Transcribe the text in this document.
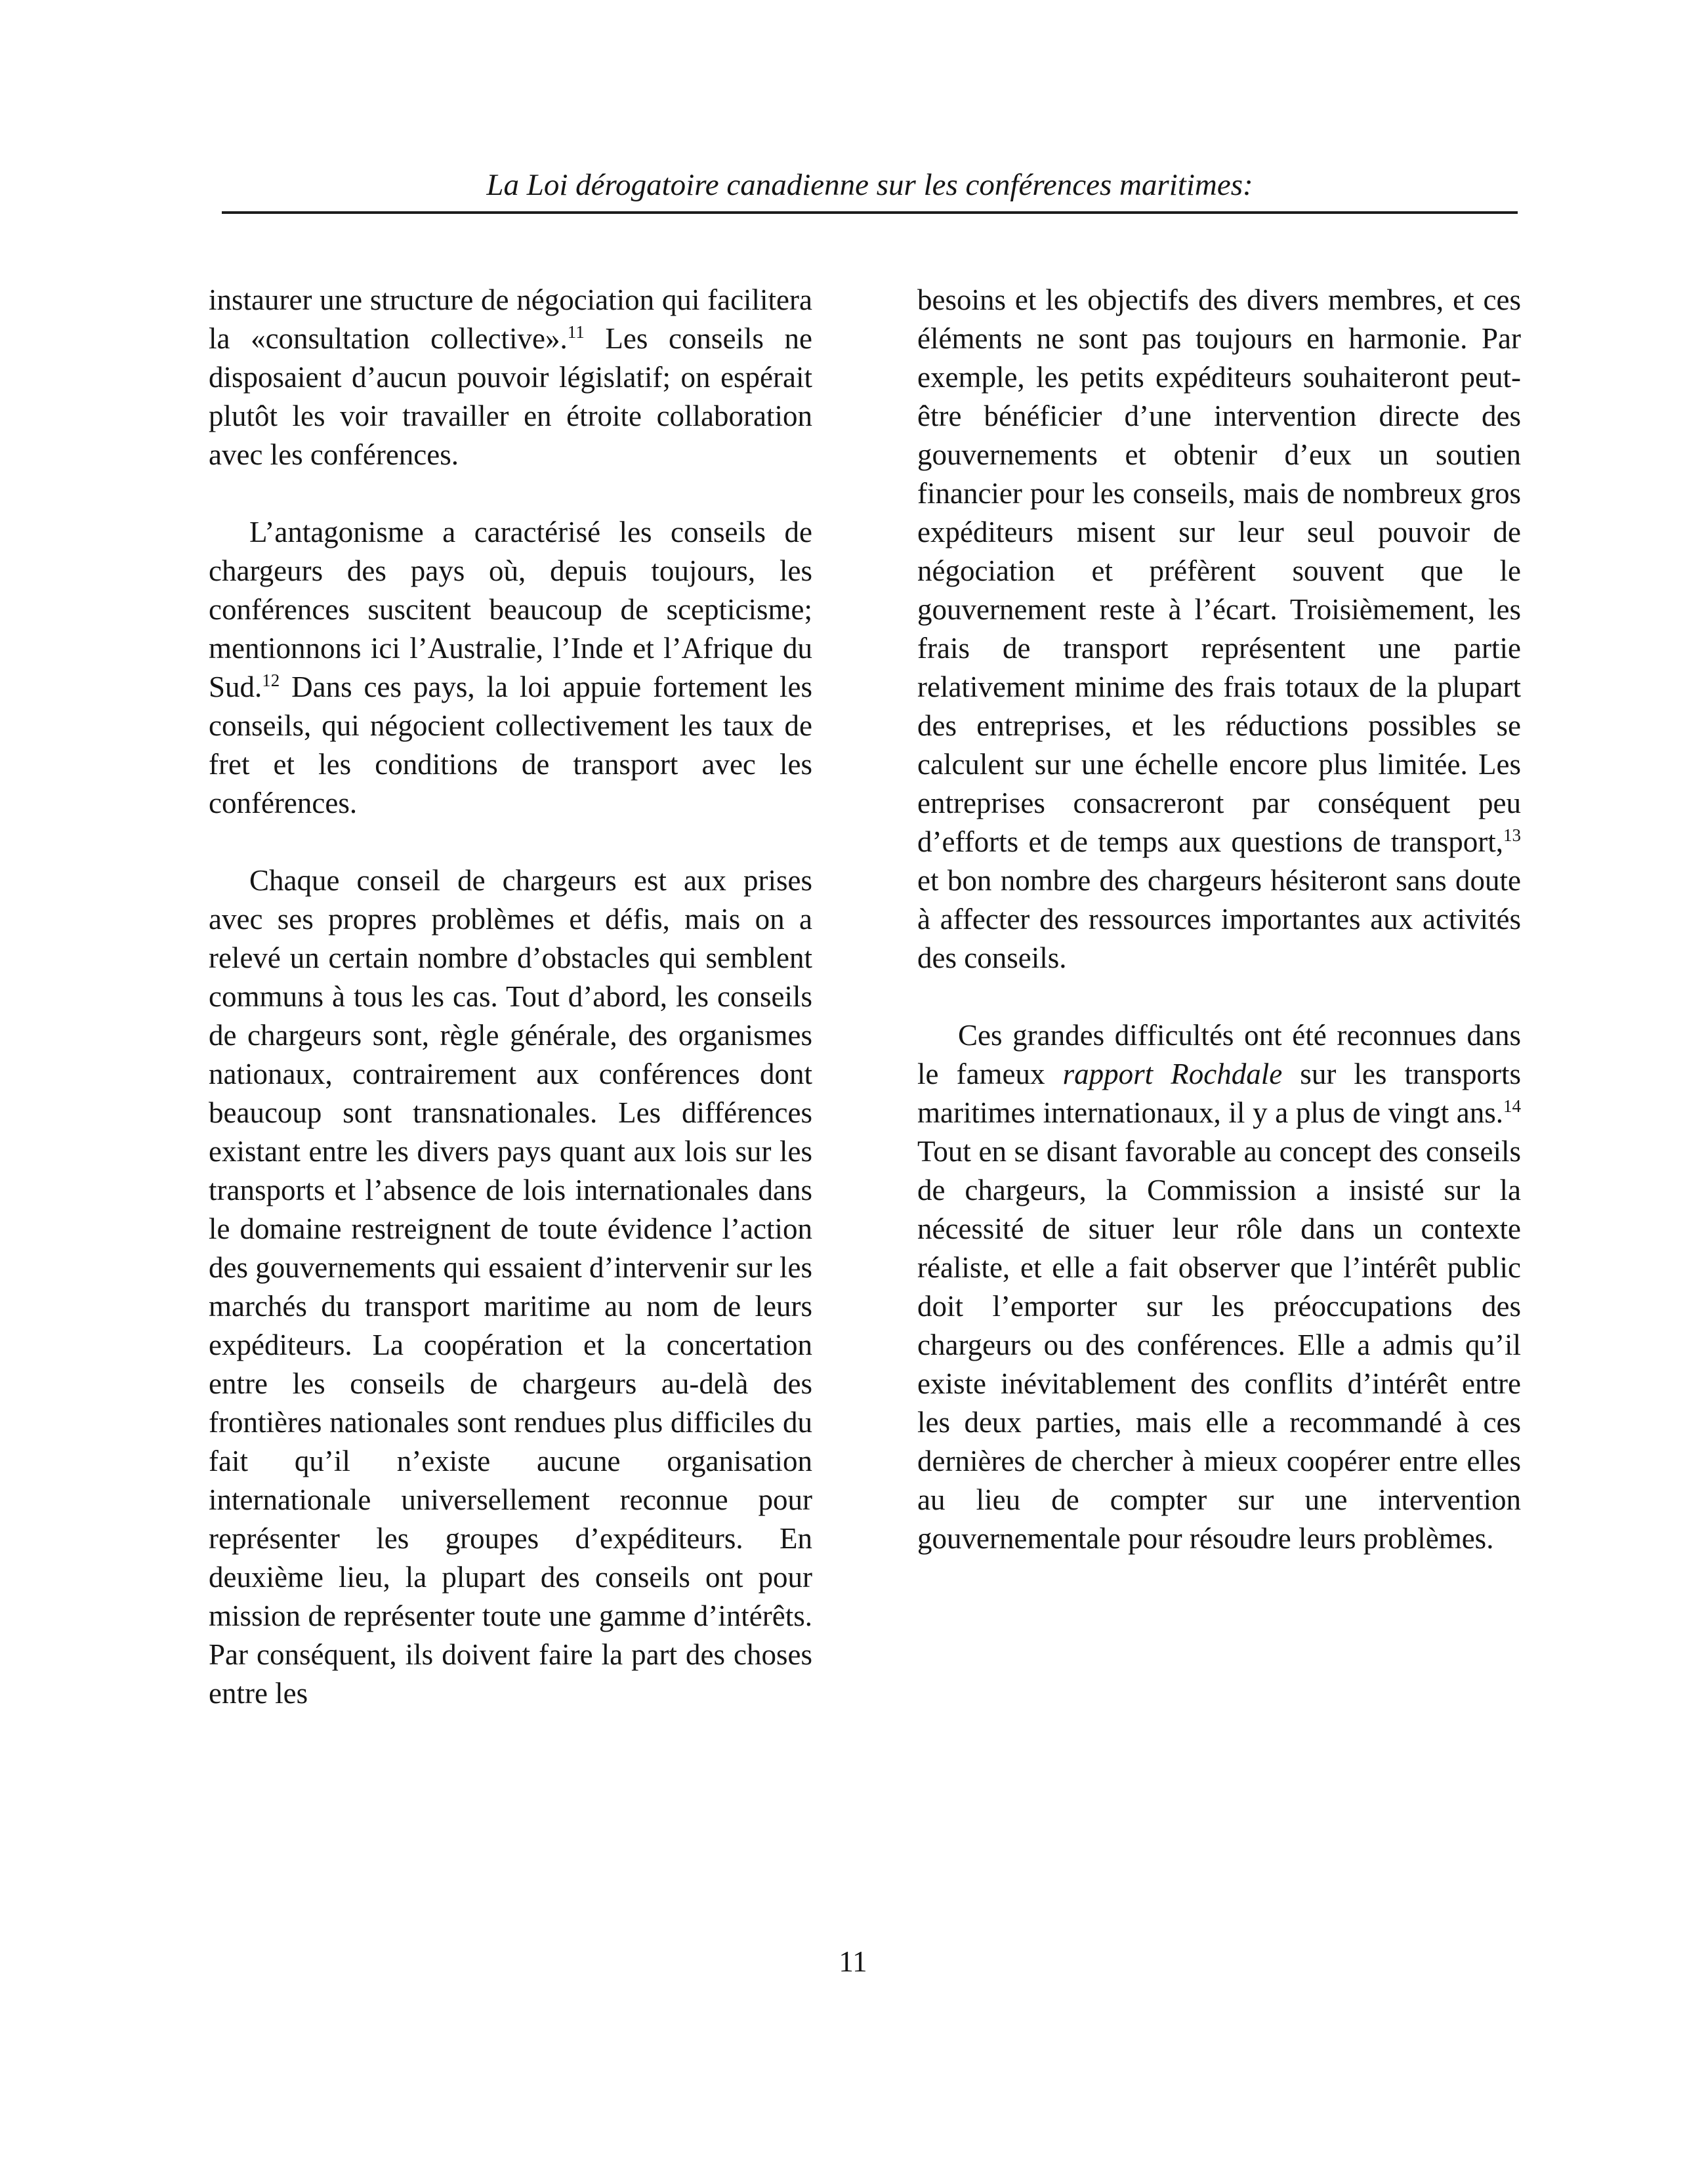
La Loi dérogatoire canadienne sur les conférences maritimes:

instaurer une structure de négociation qui facilitera la «consultation collective».$^{11}$ Les conseils ne disposaient d’aucun pouvoir législatif; on espérait plutôt les voir travailler en étroite collaboration avec les conférences.

L’antagonisme a caractérisé les conseils de chargeurs des pays où, depuis toujours, les conférences suscitent beaucoup de scepticisme; mentionnons ici l’Australie, l’Inde et l’Afrique du Sud.$^{12}$ Dans ces pays, la loi appuie fortement les conseils, qui négocient collectivement les taux de fret et les conditions de transport avec les conférences.

Chaque conseil de chargeurs est aux prises avec ses propres problèmes et défis, mais on a relevé un certain nombre d’obstacles qui semblent communs à tous les cas. Tout d’abord, les conseils de chargeurs sont, règle générale, des organismes nationaux, contrairement aux conférences dont beaucoup sont transnationales. Les différences existant entre les divers pays quant aux lois sur les transports et l’absence de lois internationales dans le domaine restreignent de toute évidence l’action des gouvernements qui essaient d’intervenir sur les marchés du transport maritime au nom de leurs expéditeurs. La coopération et la concertation entre les conseils de chargeurs au-delà des frontières nationales sont rendues plus difficiles du fait qu’il n’existe aucune organisation internationale universellement reconnue pour représenter les groupes d’expéditeurs. En deuxième lieu, la plupart des conseils ont pour mission de représenter toute une gamme d’intérêts. Par conséquent, ils doivent faire la part des choses entre les

besoins et les objectifs des divers membres, et ces éléments ne sont pas toujours en harmonie. Par exemple, les petits expéditeurs souhaiteront peut-être bénéficier d’une intervention directe des gouvernements et obtenir d’eux un soutien financier pour les conseils, mais de nombreux gros expéditeurs misent sur leur seul pouvoir de négociation et préfèrent souvent que le gouvernement reste à l’écart. Troisièmement, les frais de transport représentent une partie relativement minime des frais totaux de la plupart des entreprises, et les réductions possibles se calculent sur une échelle encore plus limitée. Les entreprises consacreront par conséquent peu d’efforts et de temps aux questions de transport,$^{13}$ et bon nombre des chargeurs hésiteront sans doute à affecter des ressources importantes aux activités des conseils.

Ces grandes difficultés ont été reconnues dans le fameux rapport Rochdale sur les transports maritimes internationaux, il y a plus de vingt ans.$^{14}$ Tout en se disant favorable au concept des conseils de chargeurs, la Commission a insisté sur la nécessité de situer leur rôle dans un contexte réaliste, et elle a fait observer que l’intérêt public doit l’emporter sur les préoccupations des chargeurs ou des conférences. Elle a admis qu’il existe inévitablement des conflits d’intérêt entre les deux parties, mais elle a recommandé à ces dernières de chercher à mieux coopérer entre elles au lieu de compter sur une intervention gouvernementale pour résoudre leurs problèmes.

11
